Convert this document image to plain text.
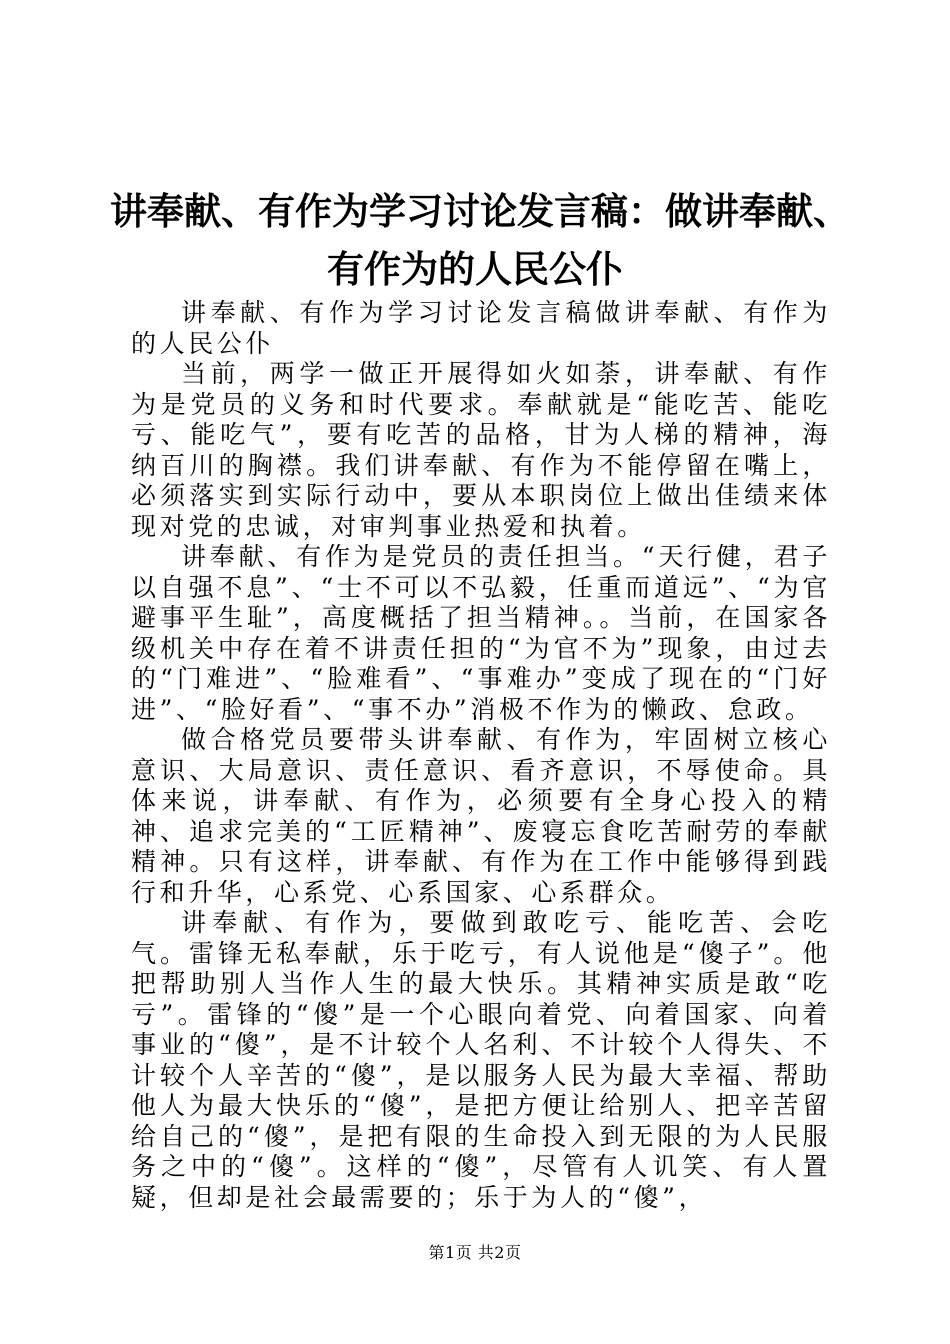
讲奉献、有作为学习讨论发言稿：做讲奉献、
有作为的人民公仆

讲奉献、有作为学习讨论发言稿做讲奉献、有作为的人民公仆

当前，两学一做正开展得如火如荼，讲奉献、有作为是党员的义务和时代要求。奉献就是“能吃苦、能吃亏、能吃气”，要有吃苦的品格，甘为人梯的精神，海纳百川的胸襟。我们讲奉献、有作为不能停留在嘴上，必须落实到实际行动中，要从本职岗位上做出佳绩来体现对党的忠诚，对审判事业热爱和执着。

讲奉献、有作为是党员的责任担当。“天行健，君子以自强不息”、“士不可以不弘毅，任重而道远”、“为官避事平生耻”，高度概括了担当精神。。当前，在国家各级机关中存在着不讲责任担的“为官不为”现象，由过去的“门难进”、“脸难看”、“事难办”变成了现在的“门好进”、“脸好看”、“事不办”消极不作为的懒政、怠政。

做合格党员要带头讲奉献、有作为，牢固树立核心意识、大局意识、责任意识、看齐意识，不辱使命。具体来说，讲奉献、有作为，必须要有全身心投入的精神、追求完美的“工匠精神”、废寝忘食吃苦耐劳的奉献精神。只有这样，讲奉献、有作为在工作中能够得到践行和升华，心系党、心系国家、心系群众。

讲奉献、有作为，要做到敢吃亏、能吃苦、会吃气。雷锋无私奉献，乐于吃亏，有人说他是“傻子”。他把帮助别人当作人生的最大快乐。其精神实质是敢“吃亏”。雷锋的“傻”是一个心眼向着党、向着国家、向着事业的“傻”，是不计较个人名利、不计较个人得失、不计较个人辛苦的“傻”，是以服务人民为最大幸福、帮助他人为最大快乐的“傻”，是把方便让给别人、把辛苦留给自己的“傻”，是把有限的生命投入到无限的为人民服务之中的“傻”。这样的“傻”，尽管有人讥笑、有人置疑，但却是社会最需要的；乐于为人的“傻”，

第1页 共2页
